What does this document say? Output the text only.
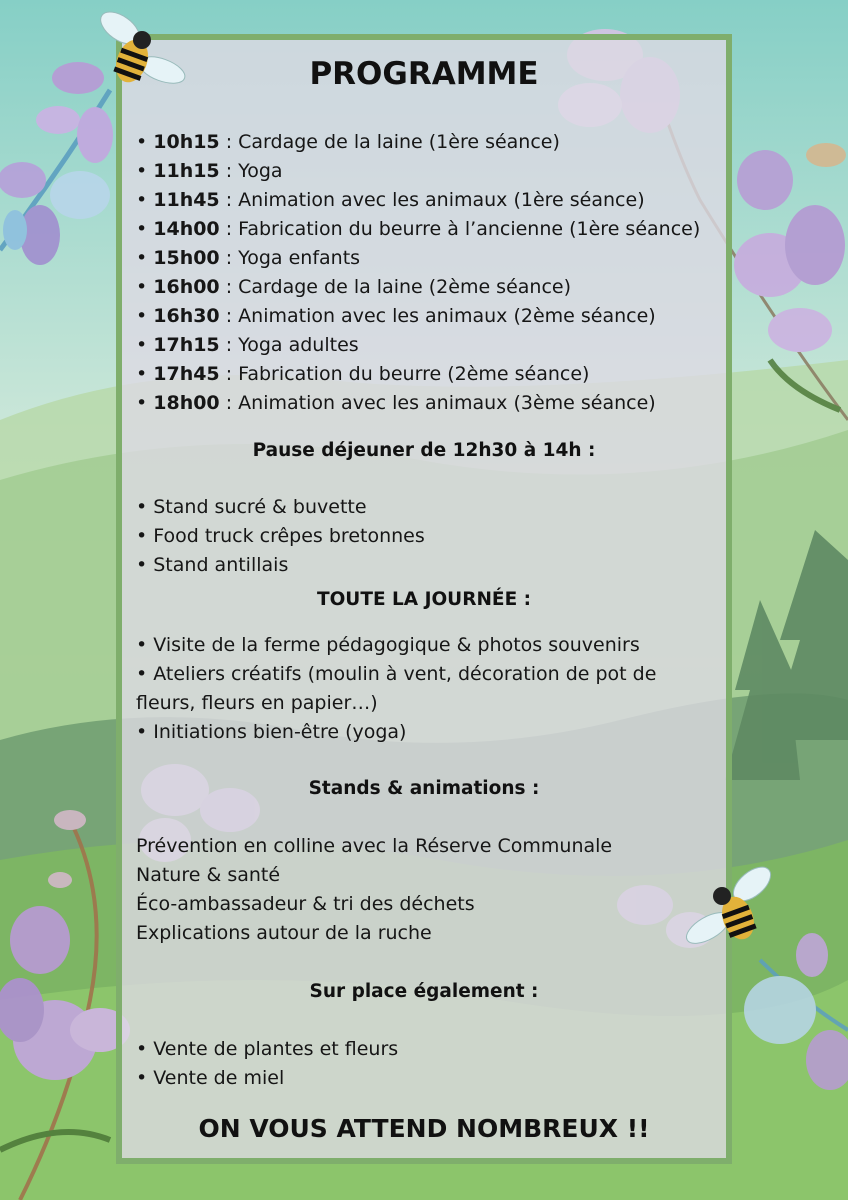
PROGRAMME
• 10h15 : Cardage de la laine (1ère séance)
• 11h15 : Yoga
• 11h45 : Animation avec les animaux (1ère séance)
• 14h00 : Fabrication du beurre à l’ancienne (1ère séance)
• 15h00 : Yoga enfants
• 16h00 : Cardage de la laine (2ème séance)
• 16h30 : Animation avec les animaux (2ème séance)
• 17h15 : Yoga adultes
• 17h45 : Fabrication du beurre (2ème séance)
• 18h00 : Animation avec les animaux (3ème séance)
Pause déjeuner de 12h30 à 14h :
• Stand sucré & buvette
• Food truck crêpes bretonnes
• Stand antillais
TOUTE LA JOURNÉE :
• Visite de la ferme pédagogique & photos souvenirs
• Ateliers créatifs (moulin à vent, décoration de pot de fleurs, fleurs en papier…)
• Initiations bien-être (yoga)
Stands & animations :
Prévention en colline avec la Réserve Communale
Nature & santé
Éco-ambassadeur & tri des déchets
Explications autour de la ruche
Sur place également :
• Vente de plantes et fleurs
• Vente de miel

ON VOUS ATTEND NOMBREUX !!
